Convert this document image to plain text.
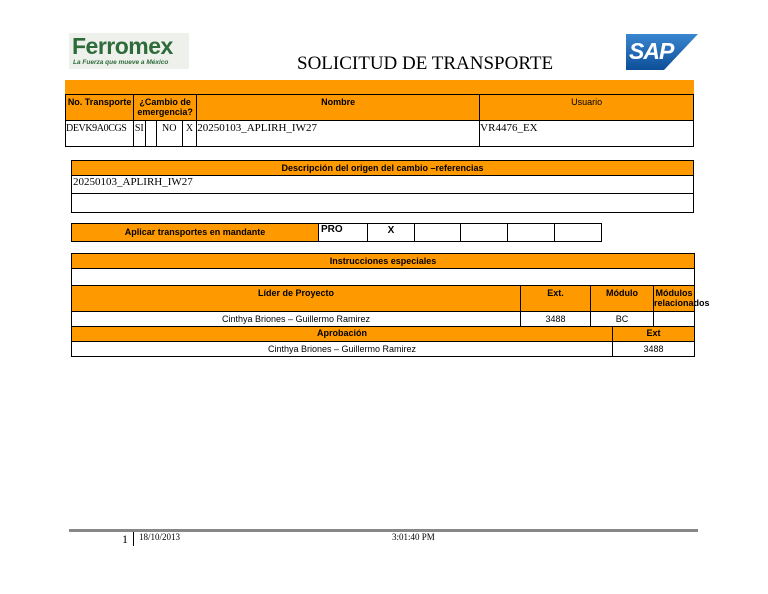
Ferromex
La Fuerza que mueve a México	SOLICITUD DE TRANSPORTE	SAP
No. Transporte	¿Cambio de emergencia?				Nombre	Usuario
DEVK9A0CGS	SI		NO	X	20250103_APLIRH_IW27	VR4476_EX
Descripción del origen del cambio –referencias
20250103_APLIRH_IW27

Aplicar transportes en mandante	PRO	X				
Instrucciones especiales				

Líder de Proyecto	Ext.	Módulo		Módulos relacionados
Cinthya Briones – Guillermo Ramirez	3488	BC		
Aprobación			Ext	
Cinthya Briones – Guillermo Ramirez			3488	
1 18/10/2013	3:01:40 PM
